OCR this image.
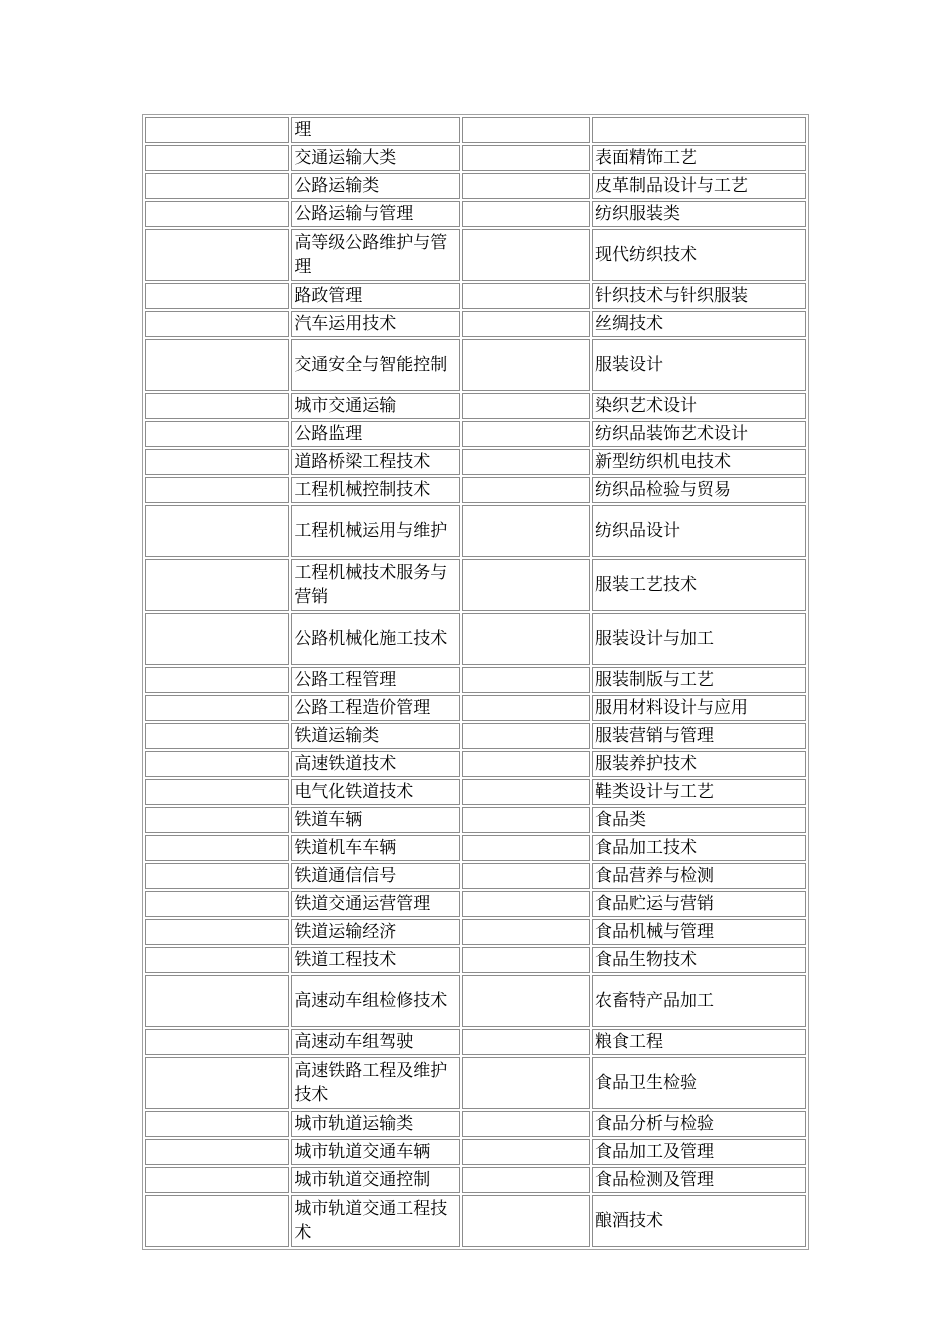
	理		
	交通运输大类		表面精饰工艺
	公路运输类		皮革制品设计与工艺
	公路运输与管理		纺织服装类
	高等级公路维护与管理		现代纺织技术
	路政管理		针织技术与针织服装
	汽车运用技术		丝绸技术
	交通安全与智能控制		服装设计
	城市交通运输		染织艺术设计
	公路监理		纺织品装饰艺术设计
	道路桥梁工程技术		新型纺织机电技术
	工程机械控制技术		纺织品检验与贸易
	工程机械运用与维护		纺织品设计
	工程机械技术服务与营销		服装工艺技术
	公路机械化施工技术		服装设计与加工
	公路工程管理		服装制版与工艺
	公路工程造价管理		服用材料设计与应用
	铁道运输类		服装营销与管理
	高速铁道技术		服装养护技术
	电气化铁道技术		鞋类设计与工艺
	铁道车辆		食品类
	铁道机车车辆		食品加工技术
	铁道通信信号		食品营养与检测
	铁道交通运营管理		食品贮运与营销
	铁道运输经济		食品机械与管理
	铁道工程技术		食品生物技术
	高速动车组检修技术		农畜特产品加工
	高速动车组驾驶		粮食工程
	高速铁路工程及维护技术		食品卫生检验
	城市轨道运输类		食品分析与检验
	城市轨道交通车辆		食品加工及管理
	城市轨道交通控制		食品检测及管理
	城市轨道交通工程技术		酿酒技术
